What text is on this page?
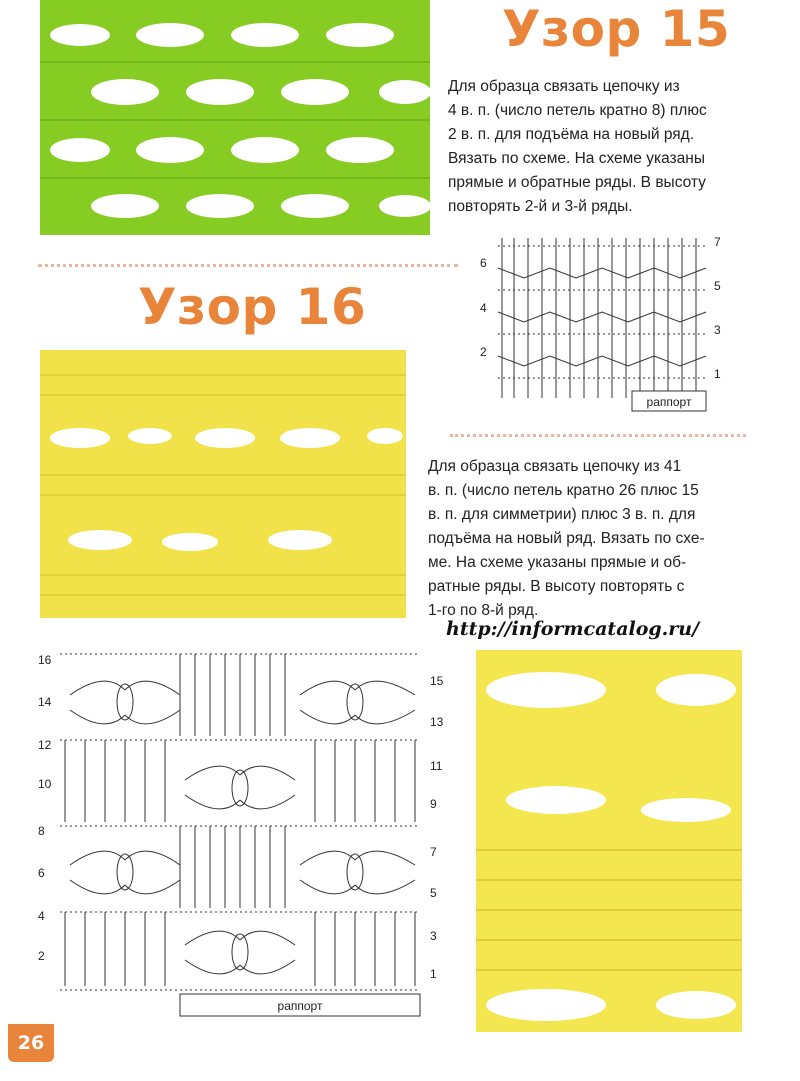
Узор 15
Для образца связать цепочку из
4 в. п. (число петель кратно 8) плюс
2 в. п. для подъёма на новый ряд.
Вязать по схеме. На схеме указаны
прямые и обратные ряды. В высоту
повторять 2-й и 3-й ряды.
6
4
2
7
5
3
1
раппорт
Узор 16
Для образца связать цепочку из 41
в. п. (число петель кратно 26 плюс 15
в. п. для симметрии) плюс 3 в. п. для
подъёма на новый ряд. Вязать по схе-
ме. На схеме указаны прямые и об-
ратные ряды. В высоту повторять с
1-го по 8-й ряд.
http://informcatalog.ru/
16
14
12
10
8
6
4
2
15
13
11
9
7
5
3
1
раппорт
26
